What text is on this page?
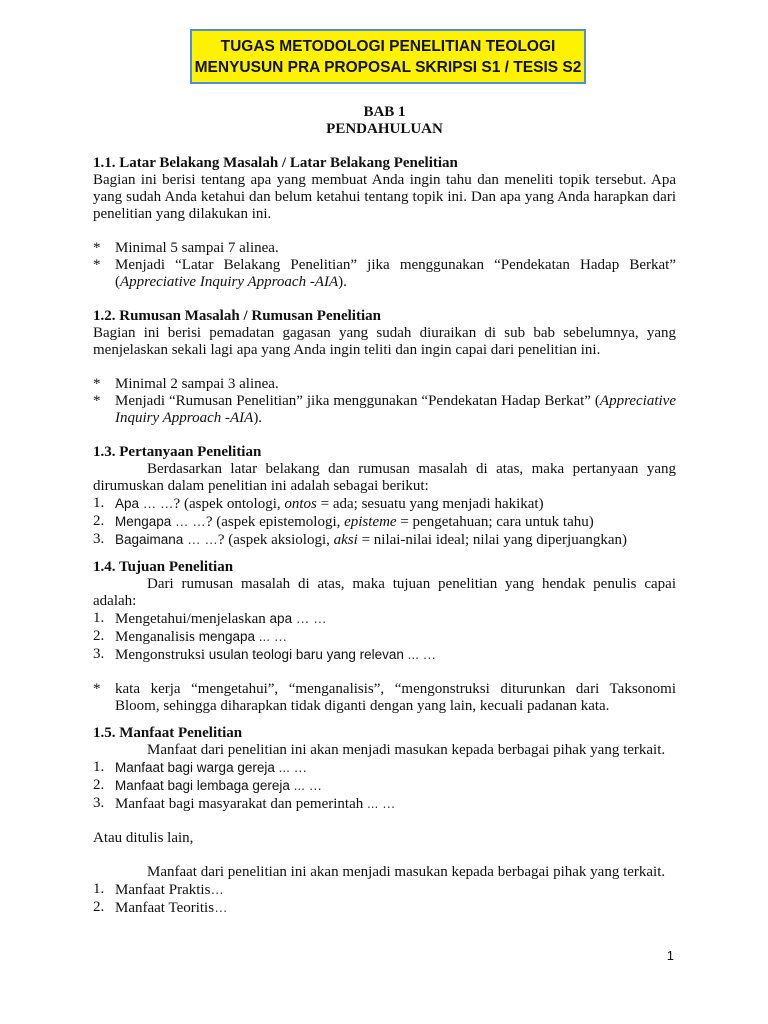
TUGAS METODOLOGI PENELITIAN TEOLOGI
MENYUSUN PRA PROPOSAL SKRIPSI S1 / TESIS S2
BAB 1
PENDAHULUAN
1.1. Latar Belakang Masalah / Latar Belakang Penelitian
Bagian ini berisi tentang apa yang membuat Anda ingin tahu dan meneliti topik tersebut. Apa yang sudah Anda ketahui dan belum ketahui tentang topik ini. Dan apa yang Anda harapkan dari penelitian yang dilakukan ini.
* Minimal 5 sampai 7 alinea.
* Menjadi “Latar Belakang Penelitian” jika menggunakan “Pendekatan Hadap Berkat” (Appreciative Inquiry Approach -AIA).
1.2. Rumusan Masalah / Rumusan Penelitian
Bagian ini berisi pemadatan gagasan yang sudah diuraikan di sub bab sebelumnya, yang menjelaskan sekali lagi apa yang Anda ingin teliti dan ingin capai dari penelitian ini.
* Minimal 2 sampai 3 alinea.
* Menjadi “Rumusan Penelitian” jika menggunakan “Pendekatan Hadap Berkat” (Appreciative Inquiry Approach -AIA).
1.3. Pertanyaan Penelitian
Berdasarkan latar belakang dan rumusan masalah di atas, maka pertanyaan yang dirumuskan dalam penelitian ini adalah sebagai berikut:
1. Apa … …? (aspek ontologi, ontos = ada; sesuatu yang menjadi hakikat)
2. Mengapa … …? (aspek epistemologi, episteme = pengetahuan; cara untuk tahu)
3. Bagaimana … …? (aspek aksiologi, aksi = nilai-nilai ideal; nilai yang diperjuangkan)
1.4. Tujuan Penelitian
Dari rumusan masalah di atas, maka tujuan penelitian yang hendak penulis capai adalah:
1. Mengetahui/menjelaskan apa … …
2. Menganalisis mengapa ... …
3. Mengonstruksi usulan teologi baru yang relevan ... …
* kata kerja “mengetahui”, “menganalisis”, “mengonstruksi diturunkan dari Taksonomi Bloom, sehingga diharapkan tidak diganti dengan yang lain, kecuali padanan kata.
1.5. Manfaat Penelitian
Manfaat dari penelitian ini akan menjadi masukan kepada berbagai pihak yang terkait.
1. Manfaat bagi warga gereja ... …
2. Manfaat bagi lembaga gereja ... …
3. Manfaat bagi masyarakat dan pemerintah ... …
Atau ditulis lain,
Manfaat dari penelitian ini akan menjadi masukan kepada berbagai pihak yang terkait.
1. Manfaat Praktis…
2. Manfaat Teoritis…
1
